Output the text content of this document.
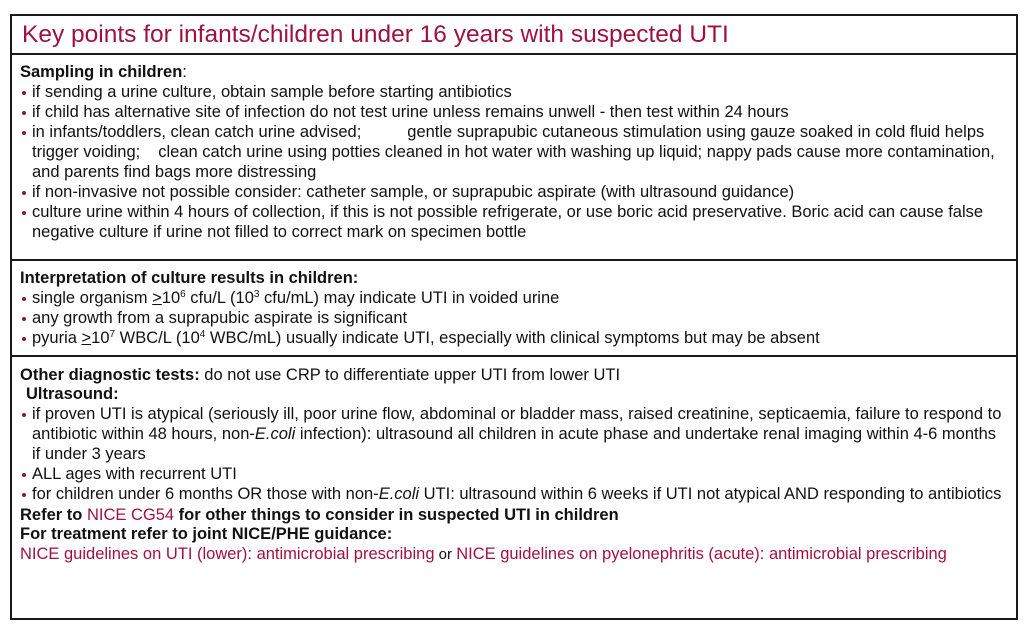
Key points for infants/children under 16 years with suspected UTI
Sampling in children:
if sending a urine culture, obtain sample before starting antibiotics
if child has alternative site of infection do not test urine unless remains unwell - then test within 24 hours
in infants/toddlers, clean catch urine advised;	gentle suprapubic cutaneous stimulation using gauze soaked in cold fluid helps trigger voiding; clean catch urine using potties cleaned in hot water with washing up liquid; nappy pads cause more contamination, and parents find bags more distressing
if non-invasive not possible consider: catheter sample, or suprapubic aspirate (with ultrasound guidance)
culture urine within 4 hours of collection, if this is not possible refrigerate, or use boric acid preservative. Boric acid can cause false negative culture if urine not filled to correct mark on specimen bottle
Interpretation of culture results in children:
single organism $>10^6$ cfu/L ($10^3$ cfu/mL) may indicate UTI in voided urine
any growth from a suprapubic aspirate is significant
pyuria $>10^7$ WBC/L ($10^4$ WBC/mL) usually indicate UTI, especially with clinical symptoms but may be absent
Other diagnostic tests: do not use CRP to differentiate upper UTI from lower UTI
Ultrasound:
if proven UTI is atypical (seriously ill, poor urine flow, abdominal or bladder mass, raised creatinine, septicaemia, failure to respond to antibiotic within 48 hours, non-E.coli infection): ultrasound all children in acute phase and undertake renal imaging within 4-6 months if under 3 years
ALL ages with recurrent UTI
for children under 6 months OR those with non-E.coli UTI: ultrasound within 6 weeks if UTI not atypical AND responding to antibiotics
Refer to NICE CG54 for other things to consider in suspected UTI in children
For treatment refer to joint NICE/PHE guidance:
NICE guidelines on UTI (lower): antimicrobial prescribing or NICE guidelines on pyelonephritis (acute): antimicrobial prescribing
